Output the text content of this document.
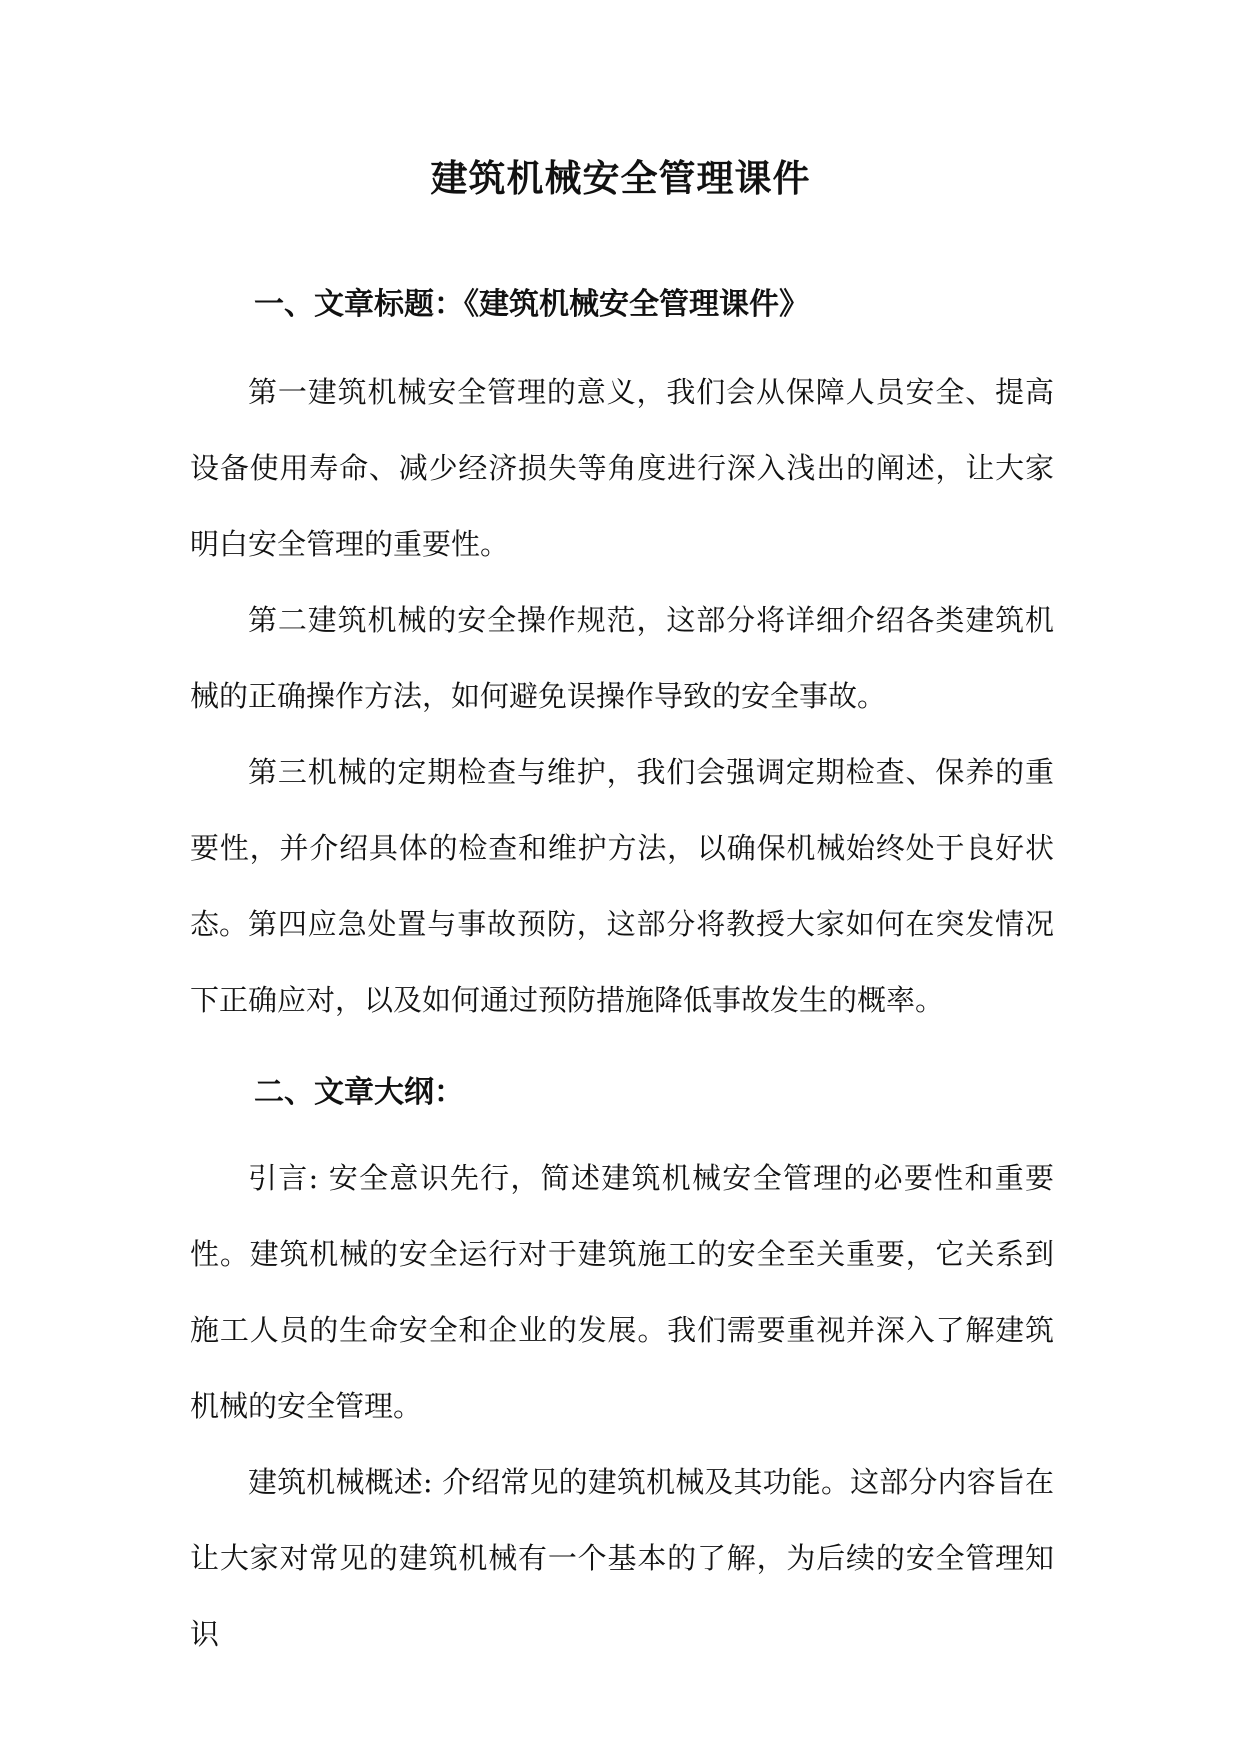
建筑机械安全管理课件
一、文章标题：《建筑机械安全管理课件》

第一建筑机械安全管理的意义，我们会从保障人员安全、提高设备使用寿命、减少经济损失等角度进行深入浅出的阐述，让大家明白安全管理的重要性。

第二建筑机械的安全操作规范，这部分将详细介绍各类建筑机械的正确操作方法，如何避免误操作导致的安全事故。

第三机械的定期检查与维护，我们会强调定期检查、保养的重要性，并介绍具体的检查和维护方法，以确保机械始终处于良好状态。 第四应急处置与事故预防，这部分将教授大家如何在突发情况下正确应对，以及如何通过预防措施降低事故发生的概率。

二、文章大纲：

引言: 安全意识先行，简述建筑机械安全管理的必要性和重要性。建筑机械的安全运行对于建筑施工的安全至关重要，它关系到施工人员的生命安全和企业的发展。我们需要重视并深入了解建筑机械的安全管理。

建筑机械概述: 介绍常见的建筑机械及其功能。这部分内容旨在让大家对常见的建筑机械有一个基本的了解，为后续的安全管理知识
